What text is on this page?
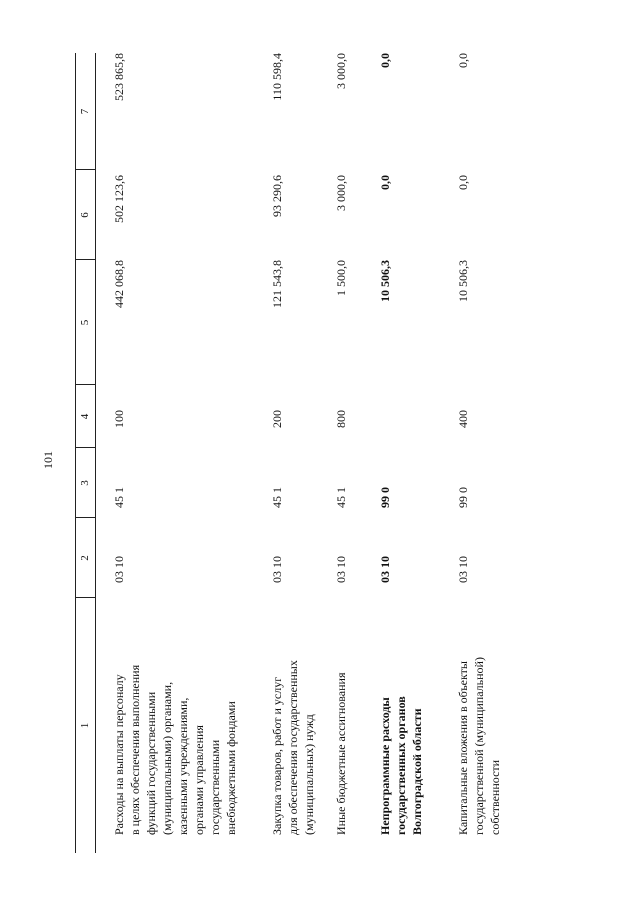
101
1
2
3
4
5
6
7
Расходы на выплаты персоналу
в целях обеспечения выполнения
функций государственными
(муниципальными) органами,
казенными учреждениями,
органами управления
государственными
внебюджетными фондами
03 10
45 1
100
442 068,8
502 123,6
523 865,8
Закупка товаров, работ и услуг
для обеспечения государственных
(муниципальных) нужд
03 10
45 1
200
121 543,8
93 290,6
110 598,4
Иные бюджетные ассигнования
03 10
45 1
800
1 500,0
3 000,0
3 000,0
Непрограммные расходы
государственных органов
Волгоградской области
03 10
99 0
10 506,3
0,0
0,0
Капитальные вложения в объекты
государственной (муниципальной)
собственности
03 10
99 0
400
10 506,3
0,0
0,0
